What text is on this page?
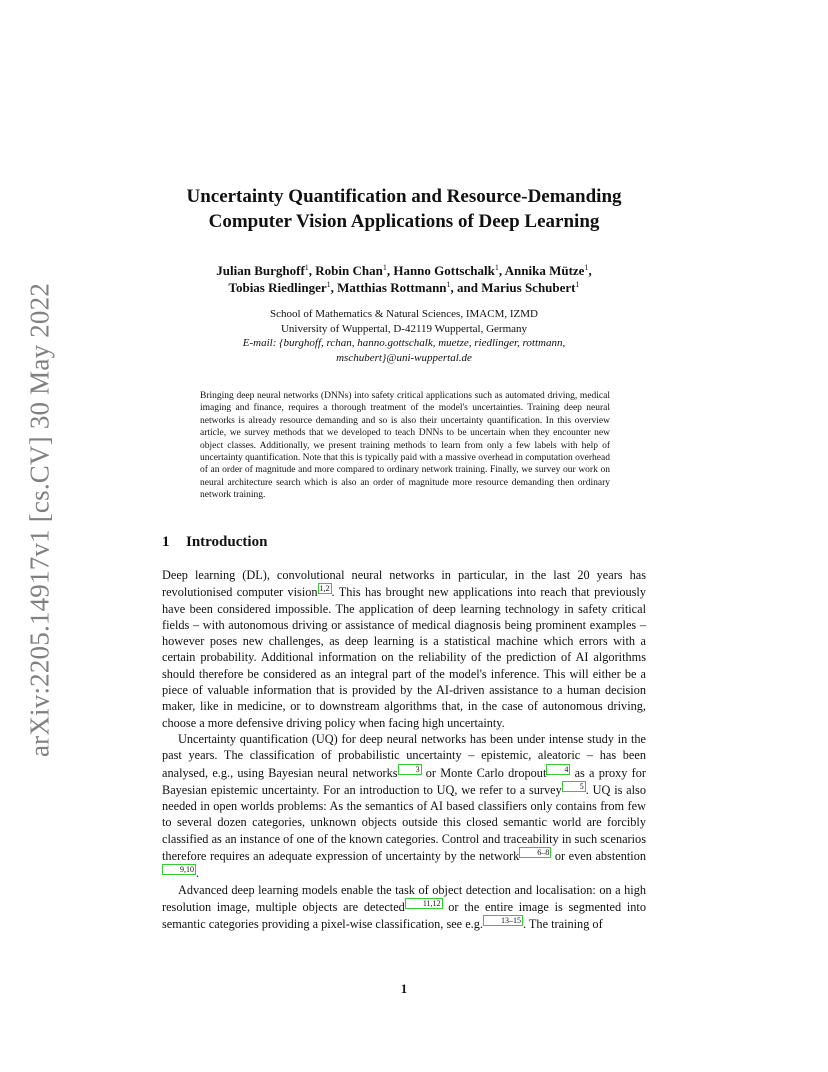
arXiv:2205.14917v1 [cs.CV] 30 May 2022
Uncertainty Quantification and Resource-Demanding
Computer Vision Applications of Deep Learning
Julian Burghoff$^1$, Robin Chan$^1$, Hanno Gottschalk$^1$, Annika Mütze$^1$,
Tobias Riedlinger$^1$, Matthias Rottmann$^1$, and Marius Schubert$^1$
School of Mathematics & Natural Sciences, IMACM, IZMD
University of Wuppertal, D-42119 Wuppertal, Germany
E-mail: {burghoff, rchan, hanno.gottschalk, muetze, riedlinger, rottmann,
mschubert}@uni-wuppertal.de

Bringing deep neural networks (DNNs) into safety critical applications such as automated driving, medical imaging and finance, requires a thorough treatment of the model's uncertainties. Training deep neural networks is already resource demanding and so is also their uncertainty quantification. In this overview article, we survey methods that we developed to teach DNNs to be uncertain when they encounter new object classes. Additionally, we present training methods to learn from only a few labels with help of uncertainty quantification. Note that this is typically paid with a massive overhead in computation overhead of an order of magnitude and more compared to ordinary network training. Finally, we survey our work on neural architecture search which is also an order of magnitude more resource demanding then ordinary network training.

1 Introduction

Deep learning (DL), convolutional neural networks in particular, in the last 20 years has revolutionised computer vision 1,2 . This has brought new applications into reach that previously have been considered impossible. The application of deep learning technology in safety critical fields – with autonomous driving or assistance of medical diagnosis being prominent examples – however poses new challenges, as deep learning is a statistical machine which errors with a certain probability. Additional information on the reliability of the prediction of AI algorithms should therefore be considered as an integral part of the model's inference. This will either be a piece of valuable information that is provided by the AI-driven assistance to a human decision maker, like in medicine, or to downstream algorithms that, in the case of autonomous driving, choose a more defensive driving policy when facing high uncertainty.

Uncertainty quantification (UQ) for deep neural networks has been under intense study in the past years. The classification of probabilistic uncertainty – epistemic, aleatoric – has been analysed, e.g., using Bayesian neural networks 3 or Monte Carlo dropout 4 as a proxy for Bayesian epistemic uncertainty. For an introduction to UQ, we refer to a survey 5 . UQ is also needed in open worlds problems: As the semantics of AI based classifiers only contains from few to several dozen categories, unknown objects outside this closed semantic world are forcibly classified as an instance of one of the known categories. Control and traceability in such scenarios therefore requires an adequate expression of uncertainty by the network 6–8 or even abstention9,10 .

Advanced deep learning models enable the task of object detection and localisation: on a high resolution image, multiple objects are detected 11,12 or the entire image is segmented into semantic categories providing a pixel-wise classification, see e.g. 13–15 . The training of

1
